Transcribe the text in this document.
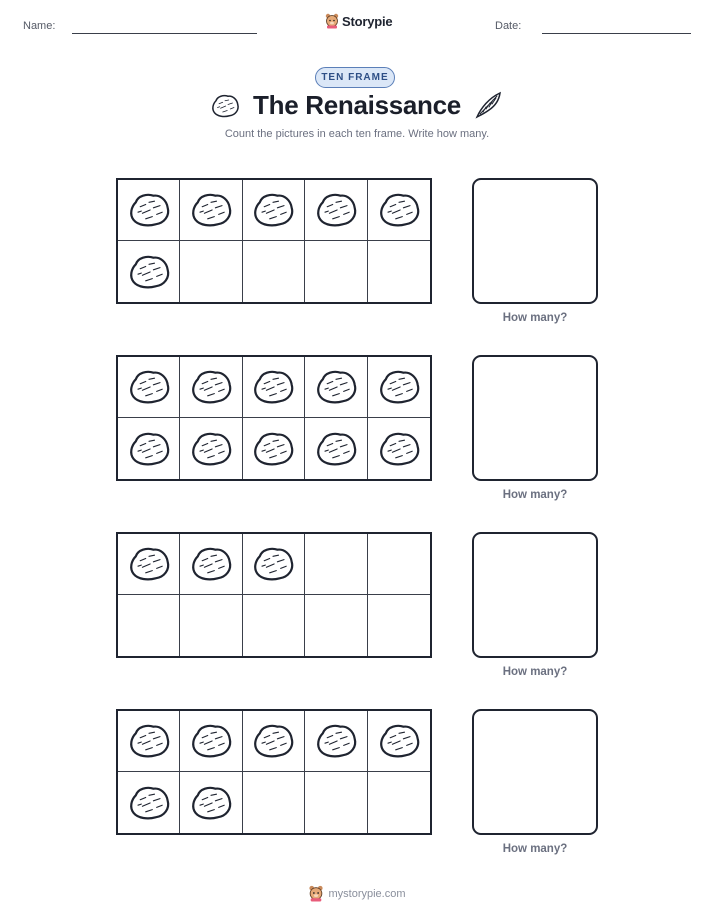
Name:	Storypie	Date:
TEN FRAME
The Renaissance
Count the pictures in each ten frame. Write how many.
How many?
How many?
How many?
How many?
mystorypie.com
